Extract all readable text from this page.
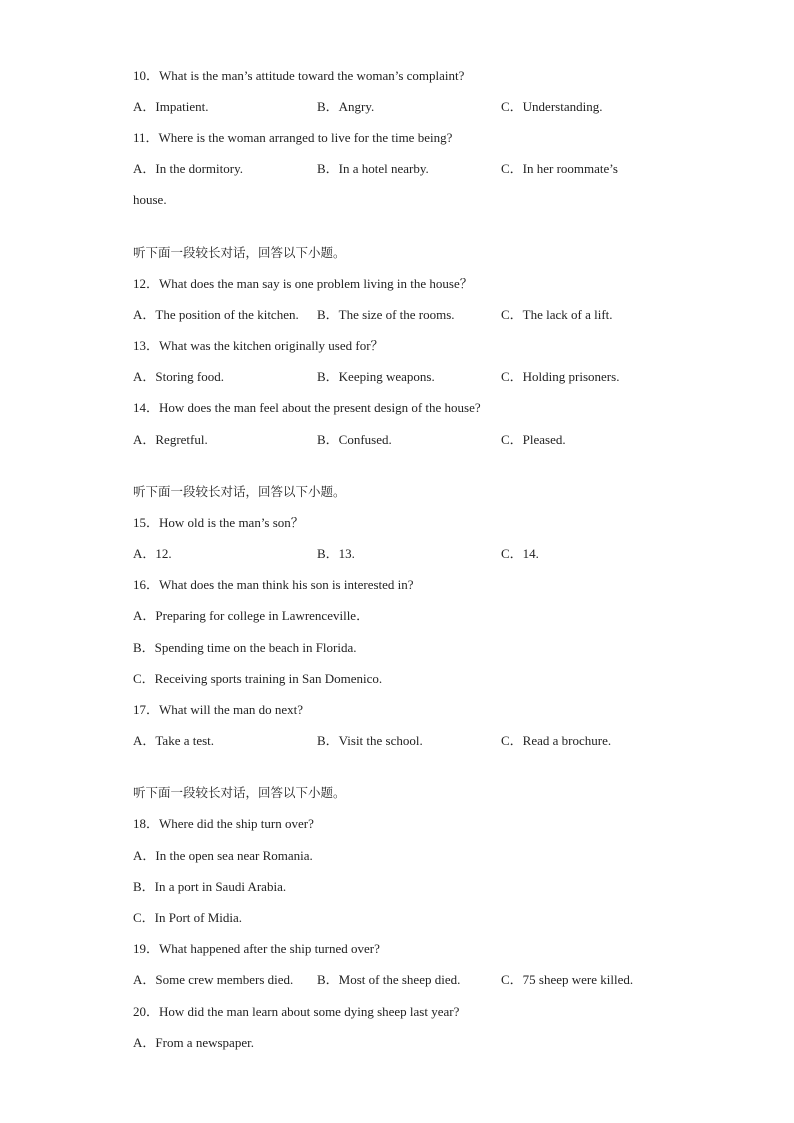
10．What is the man’s attitude toward the woman’s complaint?
A．Impatient.	B．Angry.	C．Understanding.
11．Where is the woman arranged to live for the time being?
A．In the dormitory.	B．In a hotel nearby.	C．In her roommate’s
house.
听下面一段较长对话，回答以下小题。
12．What does the man say is one problem living in the house？
A．The position of the kitchen. B．The size of the rooms.	C．The lack of a lift.
13．What was the kitchen originally used for？
A．Storing food.	B．Keeping weapons.	C．Holding prisoners.
14．How does the man feel about the present design of the house?
A．Regretful.	B．Confused.	C．Pleased.
听下面一段较长对话，回答以下小题。
15．How old is the man’s son？
A．12.	B．13.	C．14.
16．What does the man think his son is interested in?
A．Preparing for college in Lawrenceville．
B．Spending time on the beach in Florida.
C．Receiving sports training in San Domenico.
17．What will the man do next?
A．Take a test.	B．Visit the school.	C．Read a brochure.
听下面一段较长对话，回答以下小题。
18．Where did the ship turn over?
A．In the open sea near Romania.
B．In a port in Saudi Arabia.
C．In Port of Midia.
19．What happened after the ship turned over?
A．Some crew members died. B．Most of the sheep died.	C．75 sheep were killed.
20．How did the man learn about some dying sheep last year?
A．From a newspaper.
